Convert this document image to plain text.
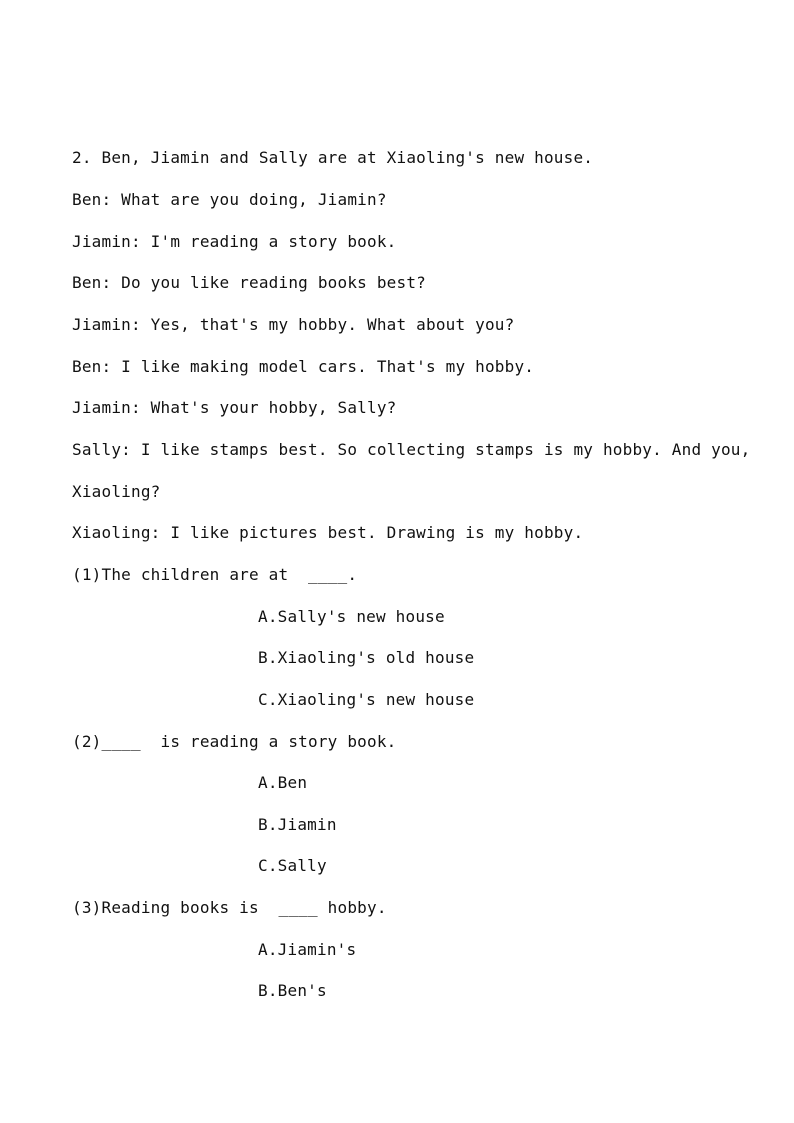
2. Ben, Jiamin and Sally are at Xiaoling's new house.
Ben: What are you doing, Jiamin?
Jiamin: I'm reading a story book.
Ben: Do you like reading books best?
Jiamin: Yes, that's my hobby. What about you?
Ben: I like making model cars. That's my hobby.
Jiamin: What's your hobby, Sally?
Sally: I like stamps best. So collecting stamps is my hobby. And you,
Xiaoling?
Xiaoling: I like pictures best. Drawing is my hobby.
(1)The children are at  ____.
A.Sally's new house
B.Xiaoling's old house
C.Xiaoling's new house
(2)____  is reading a story book.
A.Ben
B.Jiamin
C.Sally
(3)Reading books is  ____ hobby.
A.Jiamin's
B.Ben's
